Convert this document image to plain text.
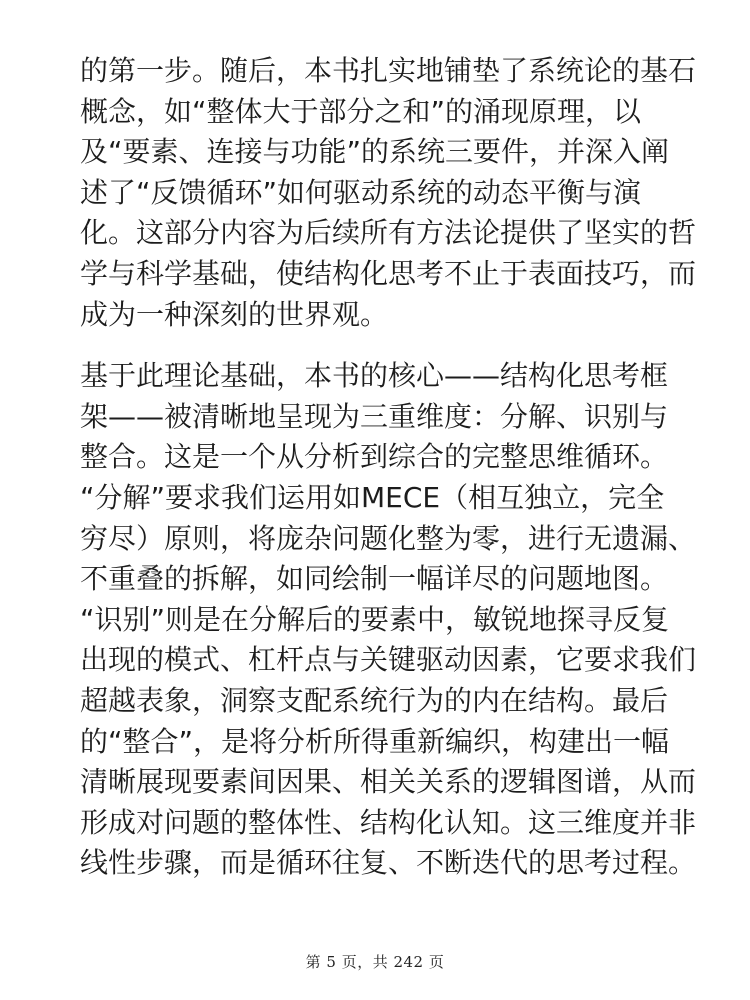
的第一步。随后，本书扎实地铺垫了系统论的基石
概念，如“整体大于部分之和”的涌现原理，以
及“要素、连接与功能”的系统三要件，并深入阐
述了“反馈循环”如何驱动系统的动态平衡与演
化。这部分内容为后续所有方法论提供了坚实的哲
学与科学基础，使结构化思考不止于表面技巧，而
成为一种深刻的世界观。
基于此理论基础，本书的核心——结构化思考框
架——被清晰地呈现为三重维度：分解、识别与
整合。这是一个从分析到综合的完整思维循环。
“分解”要求我们运用如MECE（相互独立，完全
穷尽）原则，将庞杂问题化整为零，进行无遗漏、
不重叠的拆解，如同绘制一幅详尽的问题地图。
“识别”则是在分解后的要素中，敏锐地探寻反复
出现的模式、杠杆点与关键驱动因素，它要求我们
超越表象，洞察支配系统行为的内在结构。最后
的“整合”，是将分析所得重新编织，构建出一幅
清晰展现要素间因果、相关关系的逻辑图谱，从而
形成对问题的整体性、结构化认知。这三维度并非
线性步骤，而是循环往复、不断迭代的思考过程。
第 5 页，共 242 页
